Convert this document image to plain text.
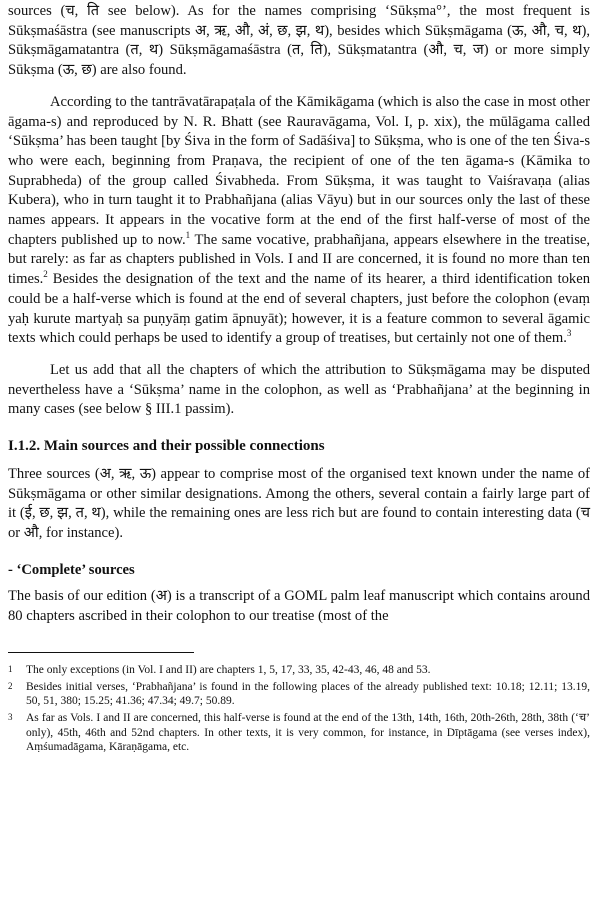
sources (च, ति see below). As for the names comprising ‘Sūkṣma°’, the most frequent is Sūkṣmaśāstra (see manuscripts अ, ऋ, औ, अं, छ, झ, थ), besides which Sūkṣmāgama (ऊ, औ, च, थ), Sūkṣmāgamatantra (त, थ) Sūkṣmāgamaśāstra (त, ति), Sūkṣmatantra (औ, च, ज) or more simply Sūkṣma (ऊ, छ) are also found.

According to the tantrāvatārapaṭala of the Kāmikāgama (which is also the case in most other āgama-s) and reproduced by N. R. Bhatt (see Rauravāgama, Vol. I, p. xix), the mūlāgama called ‘Sūkṣma’ has been taught [by Śiva in the form of Sadāśiva] to Sūkṣma, who is one of the ten Śiva-s who were each, beginning from Praṇava, the recipient of one of the ten āgama-s (Kāmika to Suprabheda) of the group called Śivabheda. From Sūkṣma, it was taught to Vaiśravaṇa (alias Kubera), who in turn taught it to Prabhañjana (alias Vāyu) but in our sources only the last of these names appears. It appears in the vocative form at the end of the first half-verse of most of the chapters published up to now.$^1$ The same vocative, prabhañjana, appears elsewhere in the treatise, but rarely: as far as chapters published in Vols. I and II are concerned, it is found no more than ten times.$^2$ Besides the designation of the text and the name of its hearer, a third identification token could be a half-verse which is found at the end of several chapters, just before the colophon (evaṃ yaḥ kurute martyaḥ sa puṇyāṃ gatim āpnuyāt); however, it is a feature common to several āgamic texts which could perhaps be used to identify a group of treatises, but certainly not one of them.$^3$

Let us add that all the chapters of which the attribution to Sūkṣmāgama may be disputed nevertheless have a ‘Sūkṣma’ name in the colophon, as well as ‘Prabhañjana’ at the beginning in many cases (see below § III.1 passim).

I.1.2. Main sources and their possible connections

Three sources (अ, ऋ, ऊ) appear to comprise most of the organised text known under the name of Sūkṣmāgama or other similar designations. Among the others, several contain a fairly large part of it (ई, छ, झ, त, थ), while the remaining ones are less rich but are found to contain interesting data (च or औ, for instance).

- ‘Complete’ sources

The basis of our edition (अ) is a transcript of a GOML palm leaf manuscript which contains around 80 chapters ascribed in their colophon to our treatise (most of the

1	The only exceptions (in Vol. I and II) are chapters 1, 5, 17, 33, 35, 42-43, 46, 48 and 53.
2	Besides initial verses, ‘Prabhañjana’ is found in the following places of the already published text: 10.18; 12.11; 13.19, 50, 51, 380; 15.25; 41.36; 47.34; 49.7; 50.89.
3	As far as Vols. I and II are concerned, this half-verse is found at the end of the 13th, 14th, 16th, 20th-26th, 28th, 38th (‘च’ only), 45th, 46th and 52nd chapters. In other texts, it is very common, for instance, in Dīptāgama (see verses index), Aṃśumadāgama, Kāraṇāgama, etc.
